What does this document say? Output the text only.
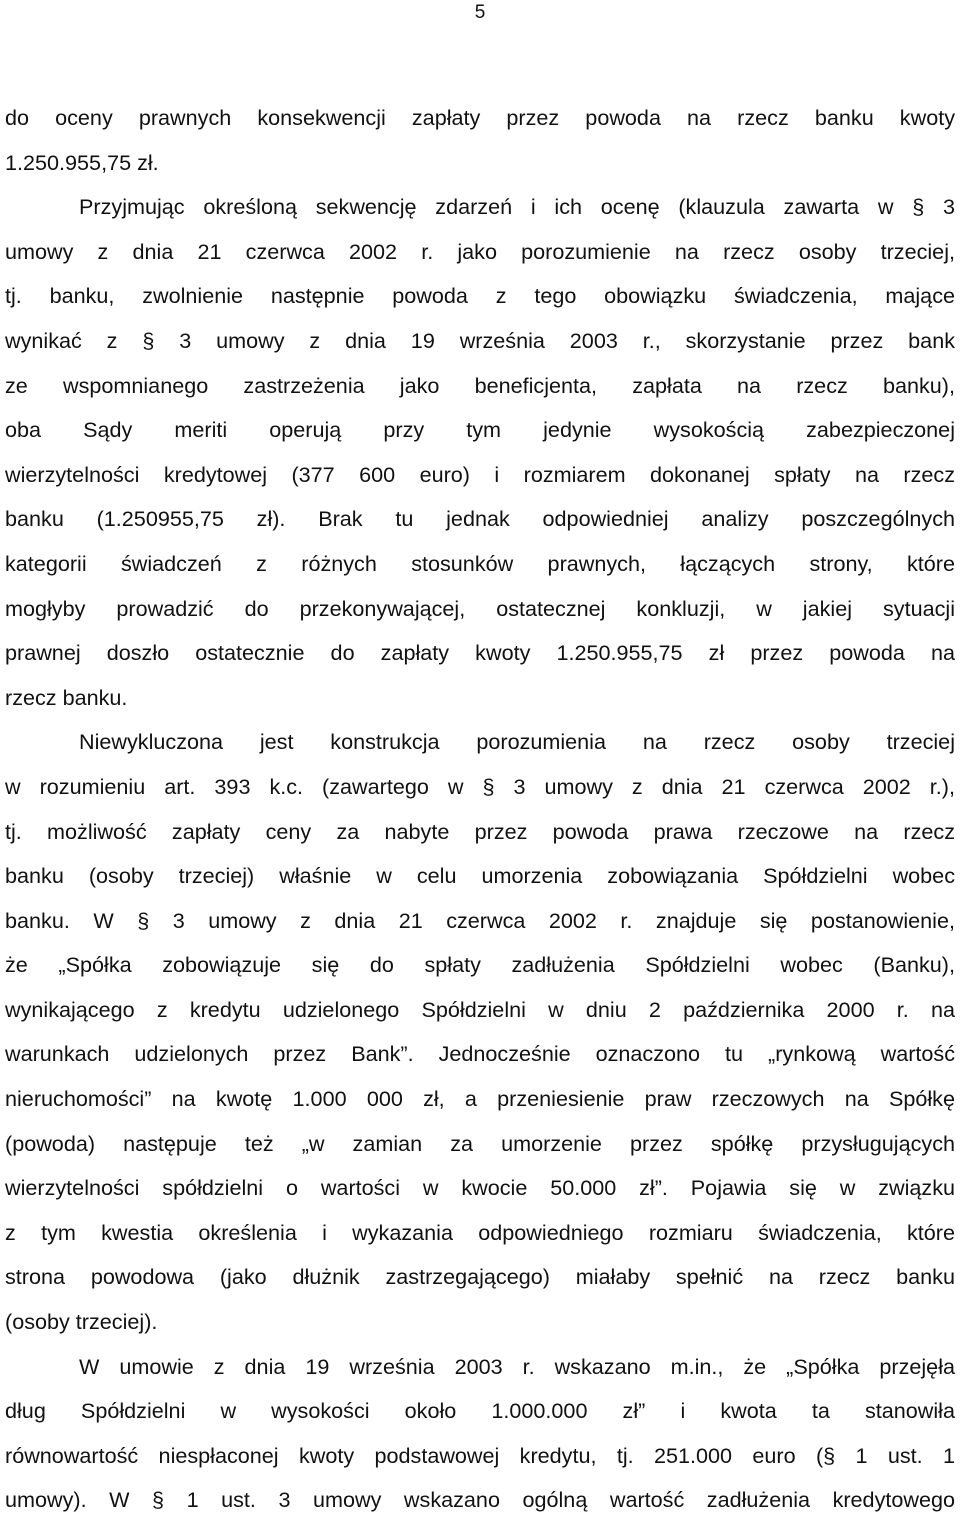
5
do oceny prawnych konsekwencji zapłaty przez powoda na rzecz banku kwoty
1.250.955,75 zł.
Przyjmując określoną sekwencję zdarzeń i ich ocenę (klauzula zawarta w § 3
umowy z dnia 21 czerwca 2002 r. jako porozumienie na rzecz osoby trzeciej,
tj. banku, zwolnienie następnie powoda z tego obowiązku świadczenia, mające
wynikać z § 3 umowy z dnia 19 września 2003 r., skorzystanie przez bank
ze wspomnianego zastrzeżenia jako beneficjenta, zapłata na rzecz banku),
oba Sądy meriti operują przy tym jedynie wysokością zabezpieczonej
wierzytelności kredytowej (377 600 euro) i rozmiarem dokonanej spłaty na rzecz
banku (1.250955,75 zł). Brak tu jednak odpowiedniej analizy poszczególnych
kategorii świadczeń z różnych stosunków prawnych, łączących strony, które
mogłyby prowadzić do przekonywającej, ostatecznej konkluzji, w jakiej sytuacji
prawnej doszło ostatecznie do zapłaty kwoty 1.250.955,75 zł przez powoda na
rzecz banku.
Niewykluczona jest konstrukcja porozumienia na rzecz osoby trzeciej
w rozumieniu art. 393 k.c. (zawartego w § 3 umowy z dnia 21 czerwca 2002 r.),
tj. możliwość zapłaty ceny za nabyte przez powoda prawa rzeczowe na rzecz
banku (osoby trzeciej) właśnie w celu umorzenia zobowiązania Spółdzielni wobec
banku. W § 3 umowy z dnia 21 czerwca 2002 r. znajduje się postanowienie,
że „Spółka zobowiązuje się do spłaty zadłużenia Spółdzielni wobec (Banku),
wynikającego z kredytu udzielonego Spółdzielni w dniu 2 października 2000 r. na
warunkach udzielonych przez Bank”. Jednocześnie oznaczono tu „rynkową wartość
nieruchomości” na kwotę 1.000 000 zł, a przeniesienie praw rzeczowych na Spółkę
(powoda) następuje też „w zamian za umorzenie przez spółkę przysługujących
wierzytelności spółdzielni o wartości w kwocie 50.000 zł”. Pojawia się w związku
z tym kwestia określenia i wykazania odpowiedniego rozmiaru świadczenia, które
strona powodowa (jako dłużnik zastrzegającego) miałaby spełnić na rzecz banku
(osoby trzeciej).
W umowie z dnia 19 września 2003 r. wskazano m.in., że „Spółka przejęła
dług Spółdzielni w wysokości około 1.000.000 zł” i kwota ta stanowiła
równowartość niespłaconej kwoty podstawowej kredytu, tj. 251.000 euro (§ 1 ust. 1
umowy). W § 1 ust. 3 umowy wskazano ogólną wartość zadłużenia kredytowego
